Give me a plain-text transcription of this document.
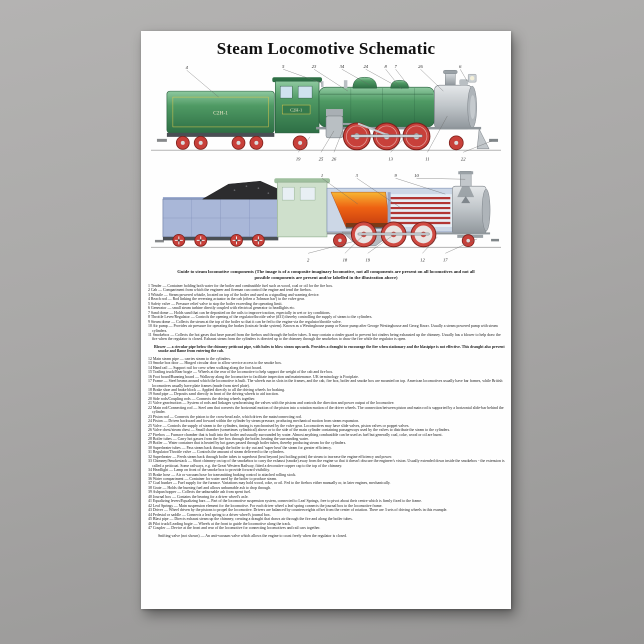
Steam Locomotive Schematic
C2H-1
C2H-1
4	5	23	34	24	8 7	26	6
19	25 26	13	11	22
1	3	9	10
2	18	19	12	17
Guide to steam locomotive components (The image is of a composite imaginary locomotive, not all components are present on all locomotives and not all possible components are present and/or labelled in the illustration above)
1 Tender — Container holding both water for the boiler and combustible fuel such as wood, coal or oil for the fire box.
2 Cab — Compartment from which the engineer and fireman can control the engine and tend the firebox.
3 Whistle — Steam powered whistle, located on top of the boiler and used as a signalling and warning device.
4 Reach rod — Rod linking the reversing actuator in the cab (often a 'Johnson bar') to the valve gear.
5 Safety valve — Pressure relief valve to stop the boiler exceeding the operating limit.
6 Generator — small steam turbine directly coupled with electrical generator to headlights etc.
7 Sand dome — Holds sand that can be deposited on the rails to improve traction, especially in wet or icy conditions.
8 Throttle Lever/Regulator — Controls the opening of the regulator/throttle valve (#31) thereby controlling the supply of steam to the cylinders.
9 Steam dome — Collects the steam at the top of the boiler so that it can be fed to the engine via the regulator/throttle valve.
10 Air pump — Provides air pressure for operating the brakes (train air brake system). Known as a Westinghouse pump or Knorr pump after George Westinghouse and Georg Knorr. Usually a steam powered pump with steam cylinders.
11 Smokebox — Collects the hot gases that have passed from the firebox and through the boiler tubes. It may contain a cinder guard to prevent hot cinders being exhausted up the chimney. Usually has a blower to help draw the fire when the regulator is closed. Exhaust steam from the cylinders is directed up to the chimney through the smokebox to draw the fire while the regulator is open.
Blower — a circular pipe below the chimney petticoat pipe, with holes to blow steam upwards. Provides a draught to encourage the fire when stationary and the blastpipe is not effective. This draught also prevent smoke and flame from entering the cab.
12 Main steam pipe — carries steam to the cylinders.
13 Smoke box door — Hinged circular door to allow service access to the smoke box.
14 Hand rail — Support rail for crew when walking along the foot board.
15 Trailing truck/Rear bogie — Wheels at the rear of the locomotive to help support the weight of the cab and fire box.
16 Foot board/Running board — Walkway along the locomotive to facilitate inspection and maintenance. UK terminology is Footplate.
17 Frame — Steel beams around which the locomotive is built. The wheels run in slots in the frames, and the cab, fire box, boiler and smoke box are mounted on top. American locomotives usually have bar frames, while British locomotives usually have plate frames (made from steel plate).
18 Brake shoe and brake block — Applied directly to all the driving wheels for braking.
19 Sand pipe — Deposits sand directly in front of the driving wheels to aid traction.
20 Side rods/Coupling rods — Connects the driving wheels together.
21 Valve gear/motion — System of rods and linkages synchronising the valves with the pistons and controls the direction and power output of the locomotive.
22 Main rod/Connecting rod — Steel arm that converts the horizontal motion of the piston into a rotation motion of the driver wheels. The connection between piston and main rod is supported by a horizontal slide-bar behind the cylinder.
23 Piston rod — Connects the piston to the cross-head axle, which drives the main/connecting rod.
24 Piston — Driven backward and forward within the cylinder by steam pressure, producing mechanical motion from steam expansion.
25 Valve — Controls the supply of steam to the cylinders, timing is synchronised by the valve gear. Locomotives may have slide valves, piston valves or poppet valves.
26 Valve chest/steam chest — Small chamber (sometimes cylindrical) above or to the side of the main cylinder containing passageways used by the valves to distribute the steam to the cylinders.
27 Firebox — Furnace chamber that is built into the boiler and usually surrounded by water. Almost anything combustible can be used as fuel but generally coal, coke, wood or oil are burnt.
28 Boiler tubes — Carry hot gasses from the fire box through the boiler, heating the surrounding water.
29 Boiler — Water container that is heated by hot gases passed through boiler tubes, thereby producing steam for the cylinders.
30 Superheater tubes — Pass steam back through the boiler to dry out and 'super heat' the steam for greater efficiency.
31 Regulator/Throttle valve — Controls the amount of steam delivered to the cylinders.
32 Superheater — Feeds steam back through boiler tubes to superheat (heat beyond just boiling point) the steam to increase the engine efficiency and power.
33 Chimney/Smokestack — Short chimney on top of the smokebox to carry the exhaust (smoke) away from the engine so that it doesn't obscure the engineer's vision. Usually extended down inside the smokebox - the extension is called a petticoat. Some railways, e.g. the Great Western Railway, fitted a decorative copper cap to the top of the chimney.
34 Headlight — Lamp on front of the smoke box to provide forward visibility.
35 Brake hose — Air or vacuum hose for transmitting braking control to attached rolling stock.
36 Water compartment — Container for water used by the boiler to produce steam.
37 Coal bunker — Fuel supply for the furnace. Variations may hold wood, coke, or oil. Fed to the firebox either manually or, in later engines, mechanically.
38 Grate — Holds the burning fuel and allows unburnable ash to drop through.
39 Ashpan hopper — Collects the unburnable ash from spent fuel.
40 Journal box — Contains the bearing for a driver wheel's axle.
41 Equalizing levers/Equalizing bars — Part of the locomotive suspension system, connected to Leaf Springs, free to pivot about their centre which is firmly fixed to the frame.
42 Leaf Springs — Main suspension element for the locomotive. For each driver wheel a leaf spring connects the journal box to the locomotive frame.
43 Driver — Wheel driven by the pistons to propel the locomotive. Drivers are balanced by counterweights offset from the center of rotation. There are 3 sets of driving wheels in this example.
44 Pedestal or saddle — Connects a leaf spring to a driver wheel's journal box.
45 Blast pipe — Directs exhaust steam up the chimney, creating a draught that draws air through the fire and along the boiler tubes.
46 Pilot truck/Leading bogie — Wheels at the front to guide the locomotive along the track.
47 Coupler — Device at the front and rear of the locomotive for connecting locomotives and rail cars together.
Snifting valve (not shown) — An anti-vacuum valve which allows the engine to coast freely when the regulator is closed.
